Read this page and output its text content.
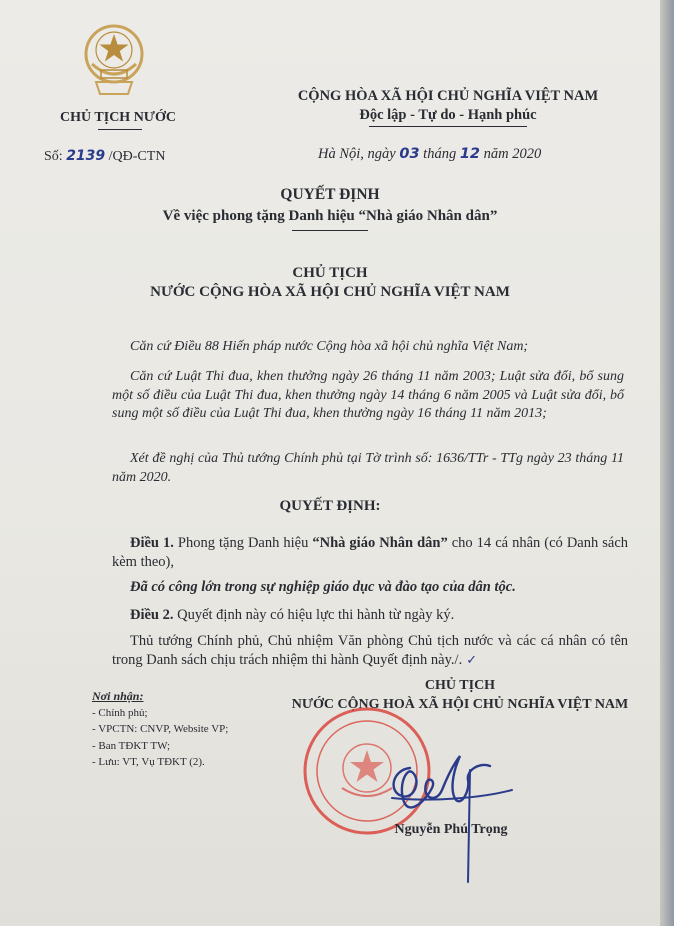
CHỦ TỊCH NƯỚC
Số: 2139 /QĐ-CTN
CỘNG HÒA XÃ HỘI CHỦ NGHĨA VIỆT NAM
Độc lập - Tự do - Hạnh phúc
Hà Nội, ngày 03 tháng 12 năm 2020
QUYẾT ĐỊNH
Về việc phong tặng Danh hiệu “Nhà giáo Nhân dân”
CHỦ TỊCH
NƯỚC CỘNG HÒA XÃ HỘI CHỦ NGHĨA VIỆT NAM
Căn cứ Điều 88 Hiến pháp nước Cộng hòa xã hội chủ nghĩa Việt Nam;
Căn cứ Luật Thi đua, khen thưởng ngày 26 tháng 11 năm 2003; Luật sửa đổi, bổ sung một số điều của Luật Thi đua, khen thưởng ngày 14 tháng 6 năm 2005 và Luật sửa đổi, bổ sung một số điều của Luật Thi đua, khen thưởng ngày 16 tháng 11 năm 2013;
Xét đề nghị của Thủ tướng Chính phủ tại Tờ trình số: 1636/TTr - TTg ngày 23 tháng 11 năm 2020.
QUYẾT ĐỊNH:
Điều 1. Phong tặng Danh hiệu “Nhà giáo Nhân dân” cho 14 cá nhân (có Danh sách kèm theo),
Đã có công lớn trong sự nghiệp giáo dục và đào tạo của dân tộc.
Điều 2. Quyết định này có hiệu lực thi hành từ ngày ký.
Thủ tướng Chính phủ, Chủ nhiệm Văn phòng Chủ tịch nước và các cá nhân có tên trong Danh sách chịu trách nhiệm thi hành Quyết định này./. ✓
Nơi nhận:
- Chính phủ;
- VPCTN: CNVP, Website VP;
- Ban TĐKT TW;
- Lưu: VT, Vụ TĐKT (2).
CHỦ TỊCH
NƯỚC CỘNG HOÀ XÃ HỘI CHỦ NGHĨA VIỆT NAM
Nguyễn Phú Trọng
